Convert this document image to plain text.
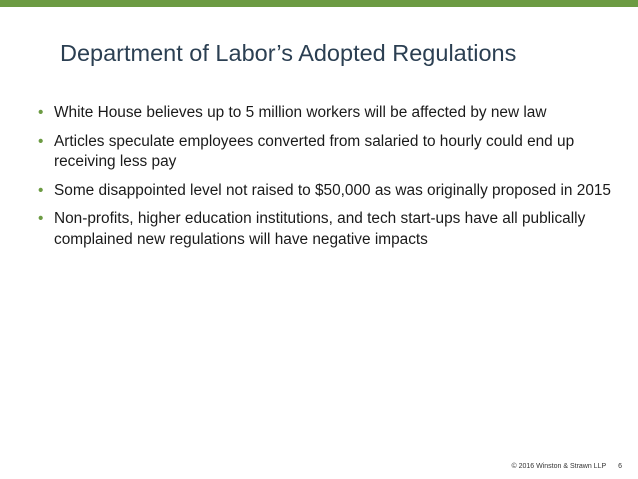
Department of Labor’s Adopted Regulations
• White House believes up to 5 million workers will be affected by new law
• Articles speculate employees converted from salaried to hourly could end up receiving less pay
• Some disappointed level not raised to $50,000 as was originally proposed in 2015
• Non-profits, higher education institutions, and tech start-ups have all publically complained new regulations will have negative impacts
© 2016 Winston & Strawn LLP 6
